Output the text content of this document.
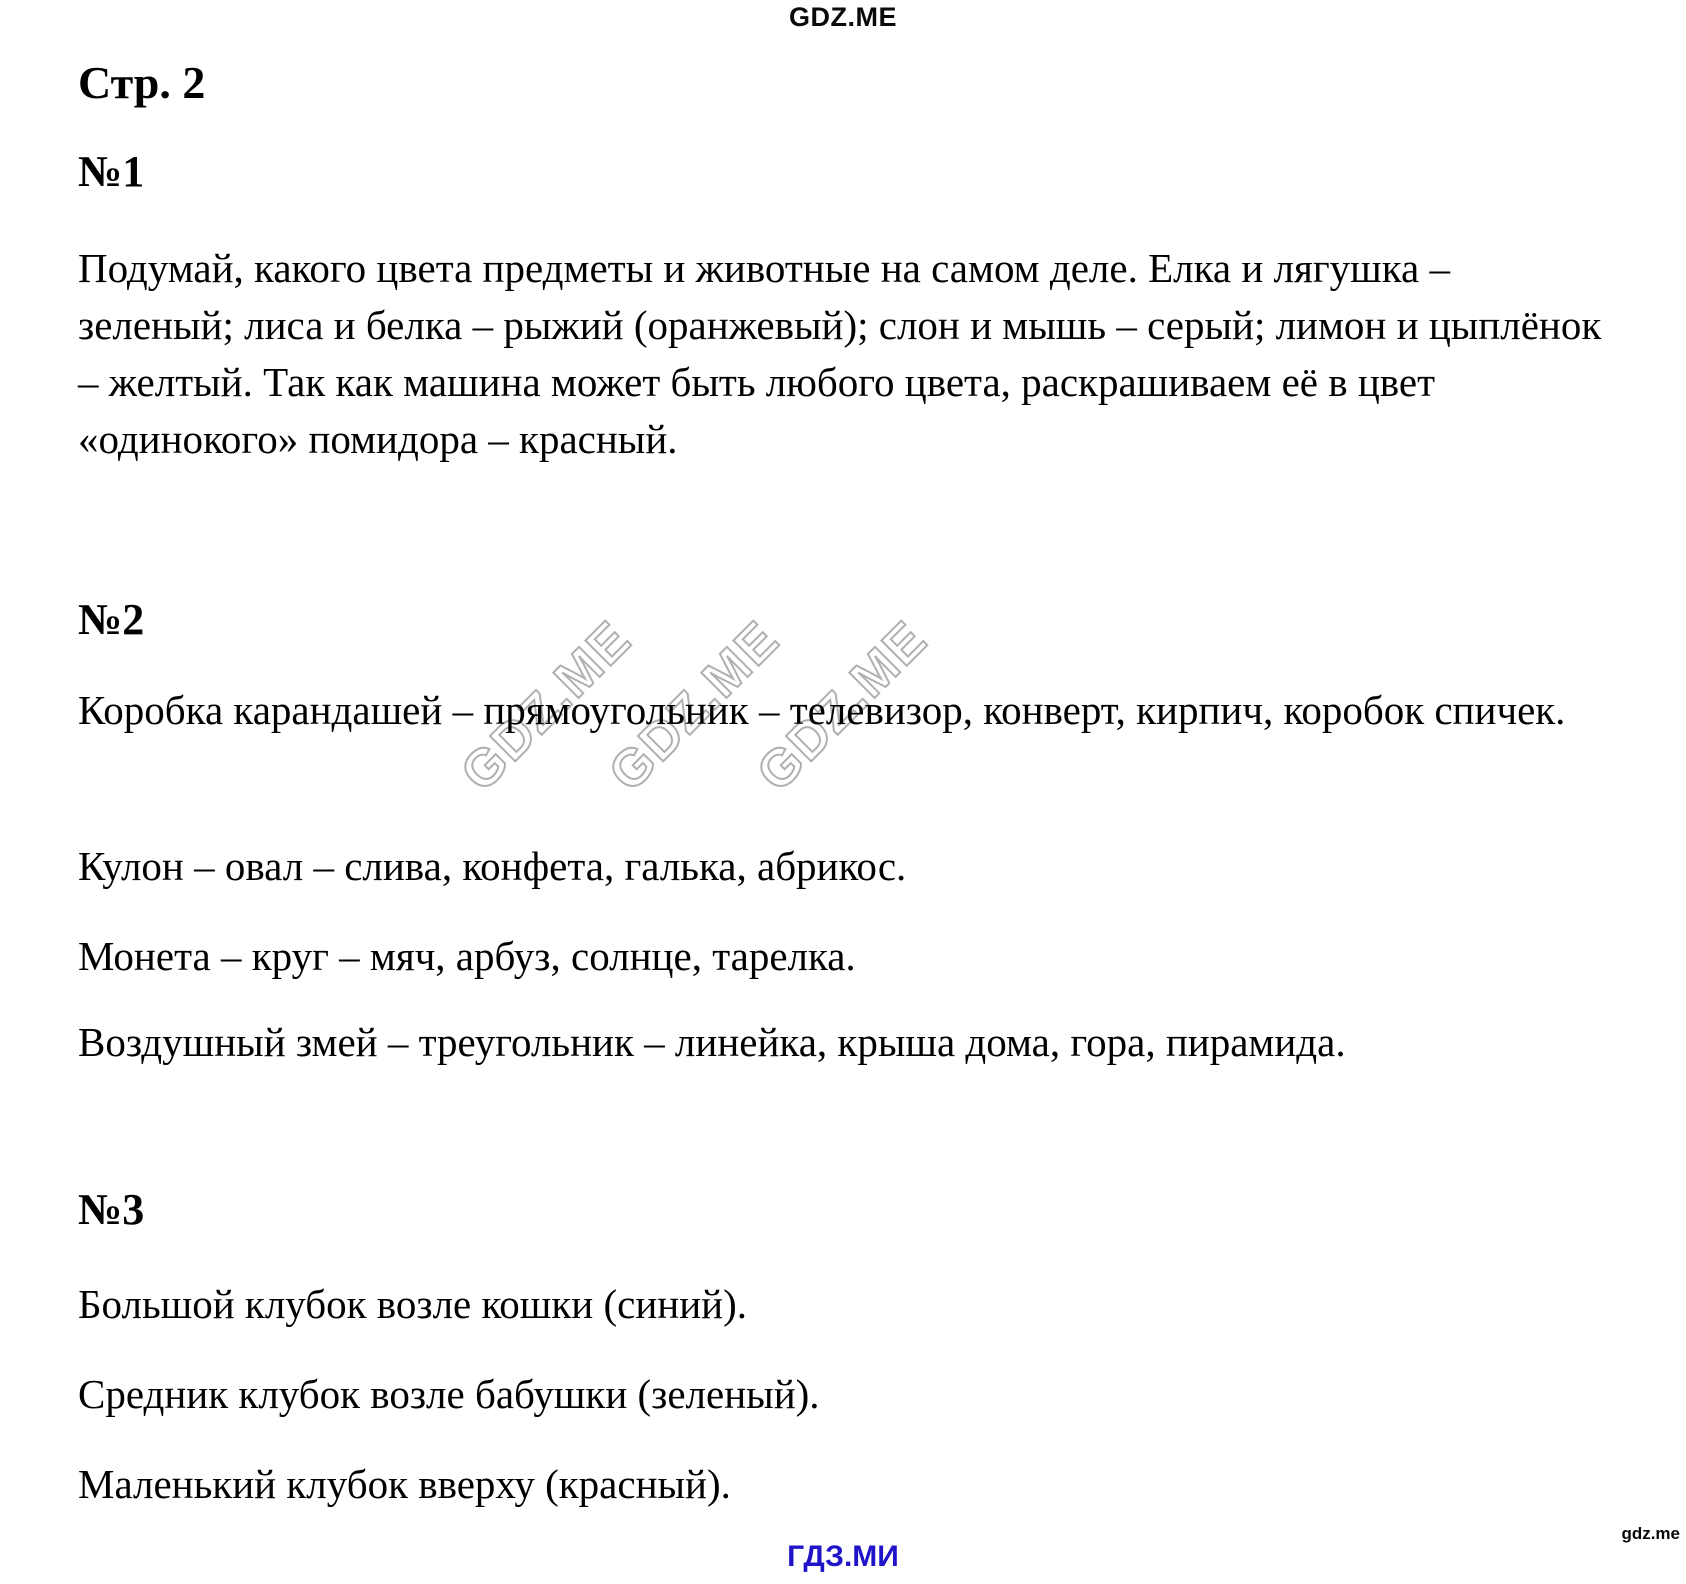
GDZ.ME
GDZ.ME
GDZ.ME
GDZ.ME
Стр. 2
№1

Подумай, какого цвета предметы и животные на самом деле. Елка и лягушка – зеленый; лиса и белка – рыжий (оранжевый); слон и мышь – серый; лимон и цыплёнок – желтый. Так как машина может быть любого цвета, раскрашиваем её в цвет «одинокого» помидора – красный.

№2

Коробка карандашей – прямоугольник – телевизор, конверт, кирпич, коробок спичек.

Кулон – овал – слива, конфета, галька, абрикос.

Монета – круг – мяч, арбуз, солнце, тарелка.

Воздушный змей – треугольник – линейка, крыша дома, гора, пирамида.

№3

Большой клубок возле кошки (синий).

Средник клубок возле бабушки (зеленый).

Маленький клубок вверху (красный).

ГДЗ.МИ
gdz.me
